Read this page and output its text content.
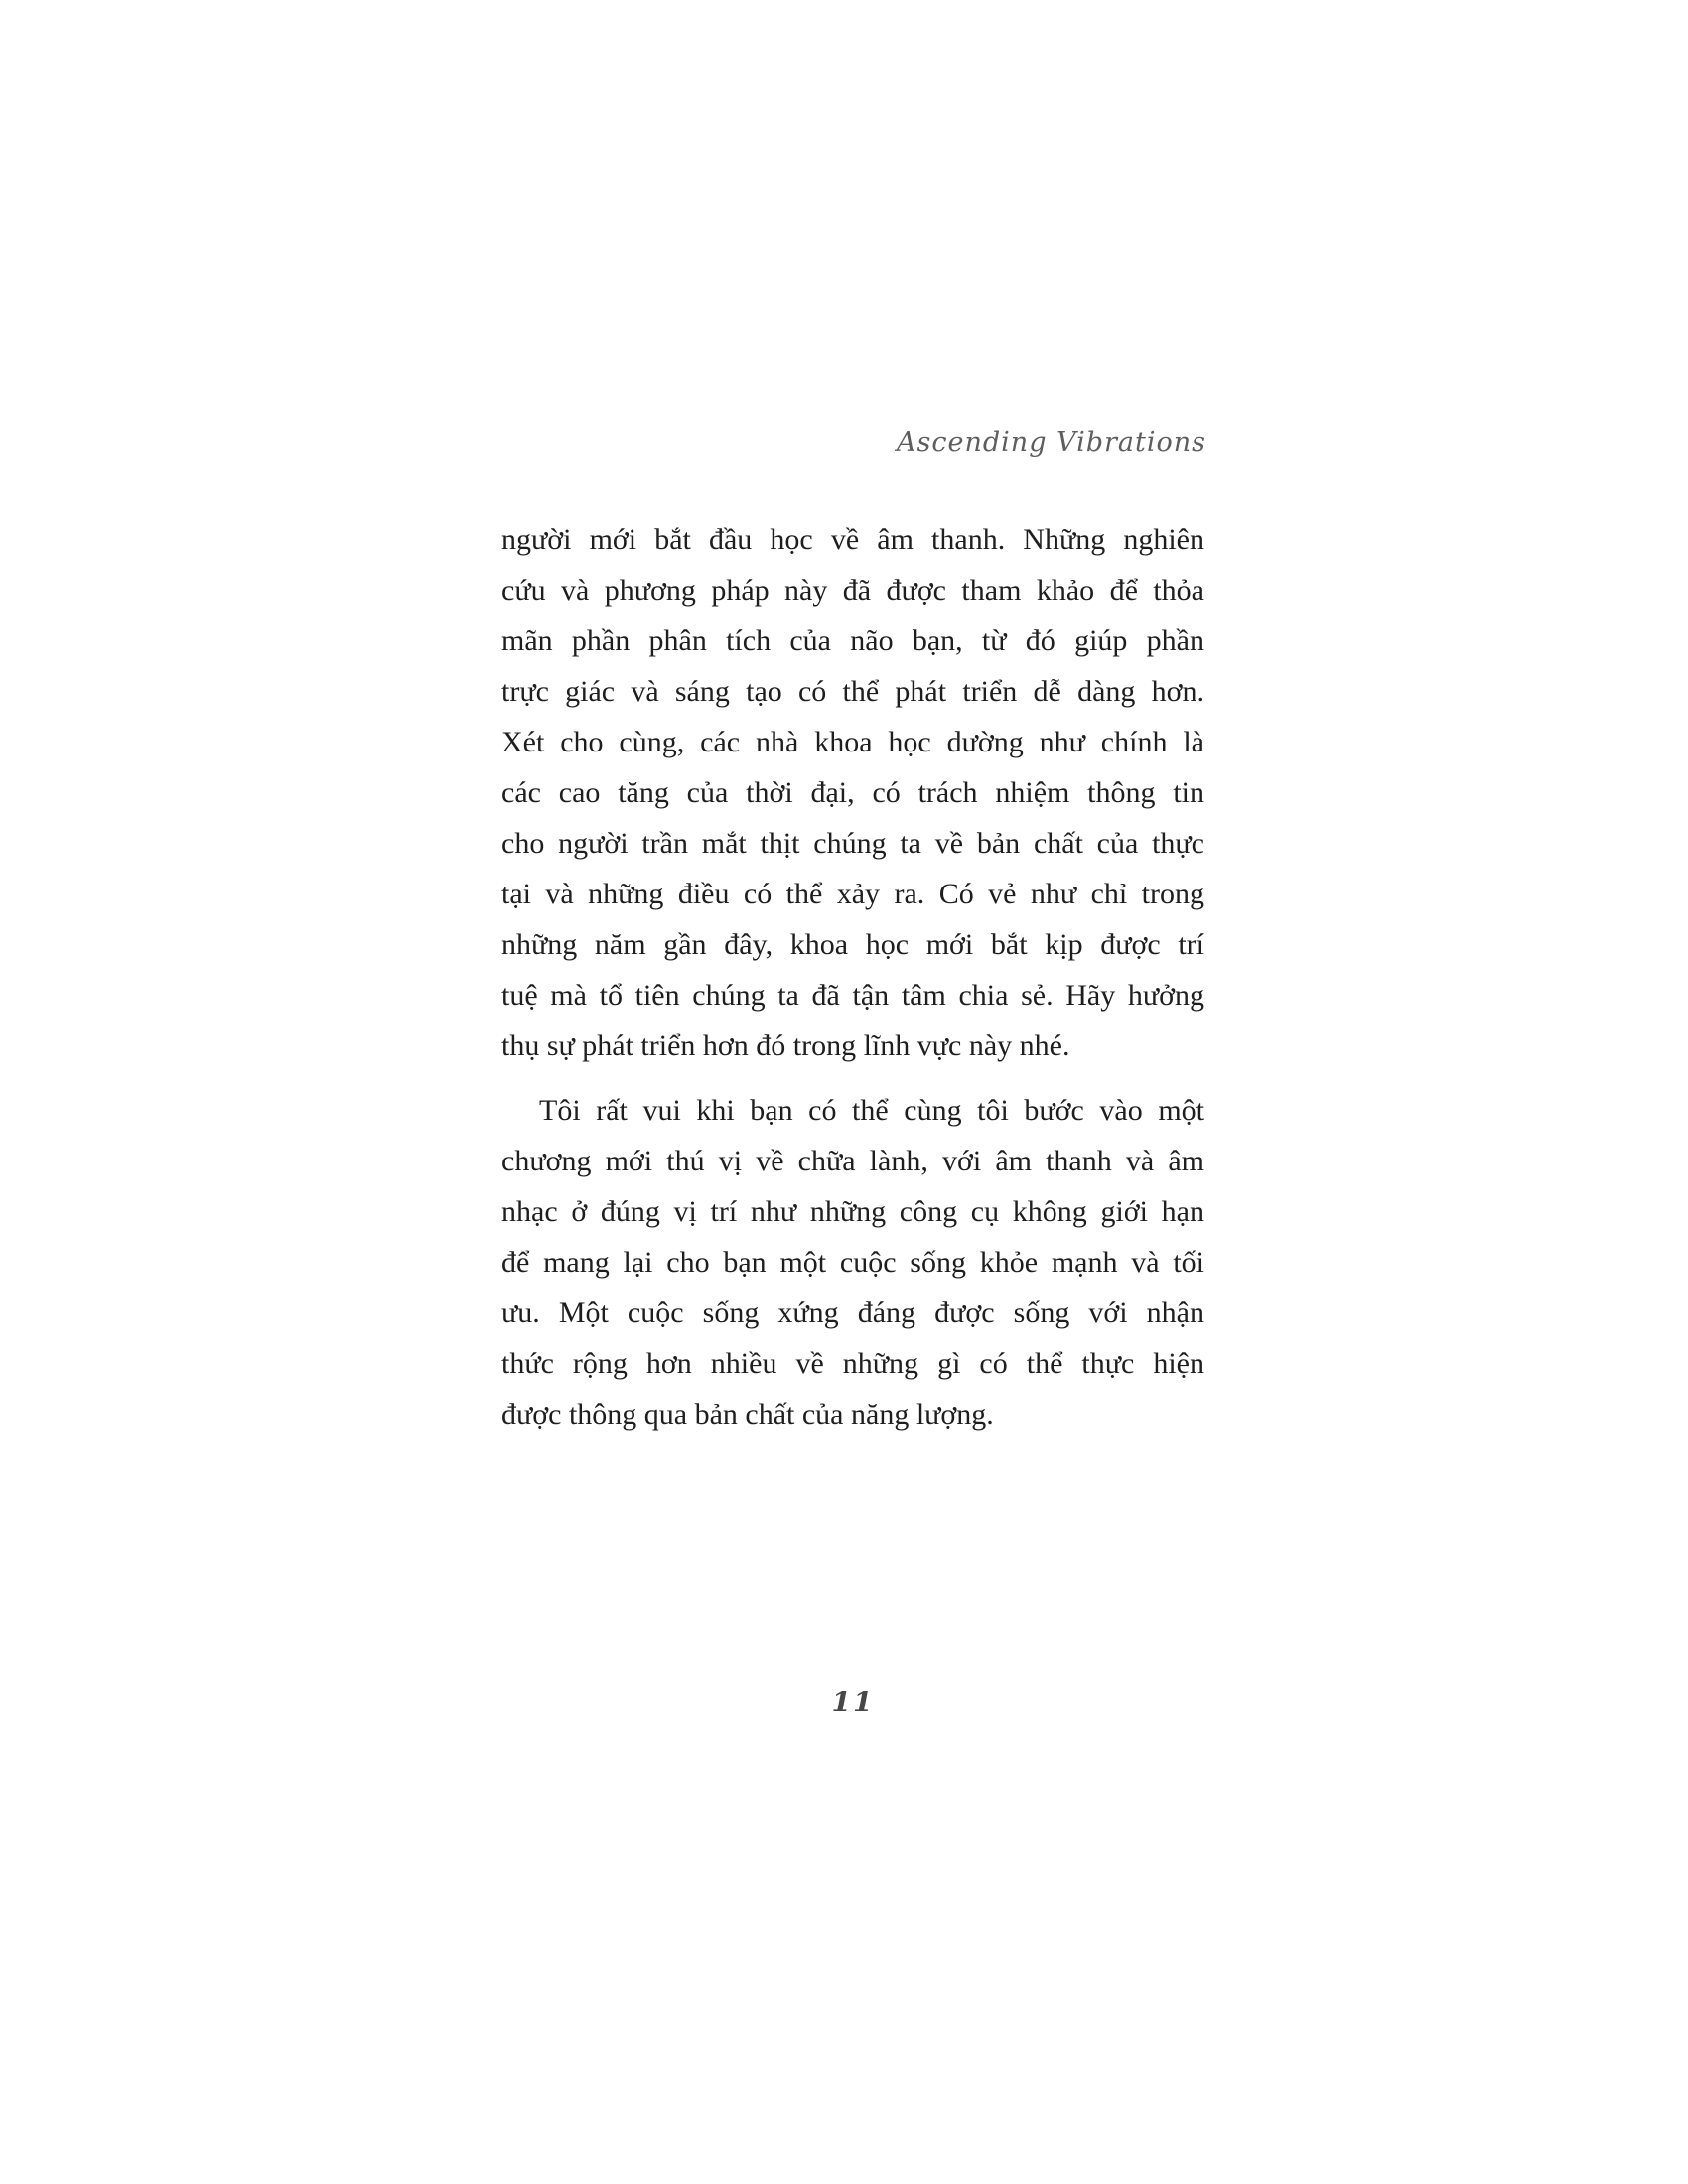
Ascending Vibrations
người mới bắt đầu học về âm thanh. Những nghiên
cứu và phương pháp này đã được tham khảo để thỏa
mãn phần phân tích của não bạn, từ đó giúp phần
trực giác và sáng tạo có thể phát triển dễ dàng hơn.
Xét cho cùng, các nhà khoa học dường như chính là
các cao tăng của thời đại, có trách nhiệm thông tin
cho người trần mắt thịt chúng ta về bản chất của thực
tại và những điều có thể xảy ra. Có vẻ như chỉ trong
những năm gần đây, khoa học mới bắt kịp được trí
tuệ mà tổ tiên chúng ta đã tận tâm chia sẻ. Hãy hưởng
thụ sự phát triển hơn đó trong lĩnh vực này nhé.
Tôi rất vui khi bạn có thể cùng tôi bước vào một
chương mới thú vị về chữa lành, với âm thanh và âm
nhạc ở đúng vị trí như những công cụ không giới hạn
để mang lại cho bạn một cuộc sống khỏe mạnh và tối
ưu. Một cuộc sống xứng đáng được sống với nhận
thức rộng hơn nhiều về những gì có thể thực hiện
được thông qua bản chất của năng lượng.
11
